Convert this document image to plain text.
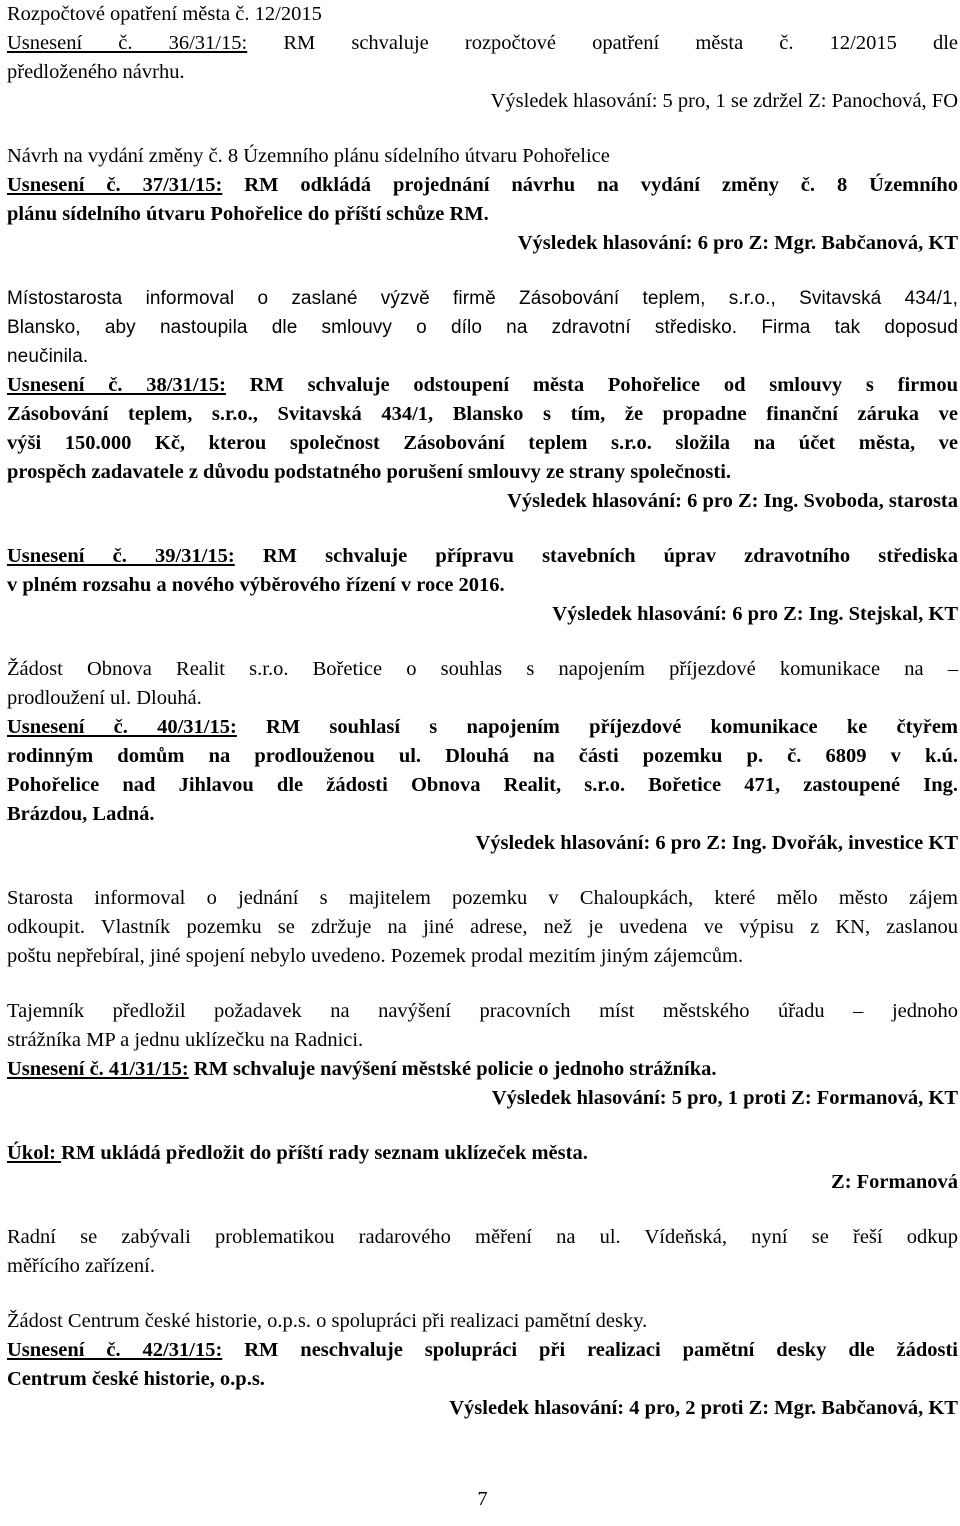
Rozpočtové opatření města č. 12/2015
Usnesení č. 36/31/15: RM schvaluje rozpočtové opatření města č. 12/2015 dle
předloženého návrhu.
Výsledek hlasování: 5 pro, 1 se zdržel Z: Panochová, FO
Návrh na vydání změny č. 8 Územního plánu sídelního útvaru Pohořelice
Usnesení č. 37/31/15: RM odkládá projednání návrhu na vydání změny č. 8 Územního
plánu sídelního útvaru Pohořelice do příští schůze RM.
Výsledek hlasování: 6 pro Z: Mgr. Babčanová, KT
Místostarosta informoval o zaslané výzvě firmě Zásobování teplem, s.r.o., Svitavská 434/1,
Blansko, aby nastoupila dle smlouvy o dílo na zdravotní středisko. Firma tak doposud
neučinila.
Usnesení č. 38/31/15: RM schvaluje odstoupení města Pohořelice od smlouvy s firmou
Zásobování teplem, s.r.o., Svitavská 434/1, Blansko s tím, že propadne finanční záruka ve
výši 150.000 Kč, kterou společnost Zásobování teplem s.r.o. složila na účet města, ve
prospěch zadavatele z důvodu podstatného porušení smlouvy ze strany společnosti.
Výsledek hlasování: 6 pro Z: Ing. Svoboda, starosta
Usnesení č. 39/31/15: RM schvaluje přípravu stavebních úprav zdravotního střediska
v plném rozsahu a nového výběrového řízení v roce 2016.
Výsledek hlasování: 6 pro Z: Ing. Stejskal, KT
Žádost Obnova Realit s.r.o. Bořetice o souhlas s napojením příjezdové komunikace na –
prodloužení ul. Dlouhá.
Usnesení č. 40/31/15: RM souhlasí s napojením příjezdové komunikace ke čtyřem
rodinným domům na prodlouženou ul. Dlouhá na části pozemku p. č. 6809 v k.ú.
Pohořelice nad Jihlavou dle žádosti Obnova Realit, s.r.o. Bořetice 471, zastoupené Ing.
Brázdou, Ladná.
Výsledek hlasování: 6 pro Z: Ing. Dvořák, investice KT
Starosta informoval o jednání s majitelem pozemku v Chaloupkách, které mělo město zájem
odkoupit. Vlastník pozemku se zdržuje na jiné adrese, než je uvedena ve výpisu z KN, zaslanou
poštu nepřebíral, jiné spojení nebylo uvedeno. Pozemek prodal mezitím jiným zájemcům.
Tajemník předložil požadavek na navýšení pracovních míst městského úřadu – jednoho
strážníka MP a jednu uklízečku na Radnici.
Usnesení č. 41/31/15: RM schvaluje navýšení městské policie o jednoho strážníka.
Výsledek hlasování: 5 pro, 1 proti Z: Formanová, KT
Úkol: RM ukládá předložit do příští rady seznam uklízeček města.
Z: Formanová
Radní se zabývali problematikou radarového měření na ul. Vídeňská, nyní se řeší odkup
měřícího zařízení.
Žádost Centrum české historie, o.p.s. o spolupráci při realizaci pamětní desky.
Usnesení č. 42/31/15: RM neschvaluje spolupráci při realizaci pamětní desky dle žádosti
Centrum české historie, o.p.s.
Výsledek hlasování: 4 pro, 2 proti Z: Mgr. Babčanová, KT
7
